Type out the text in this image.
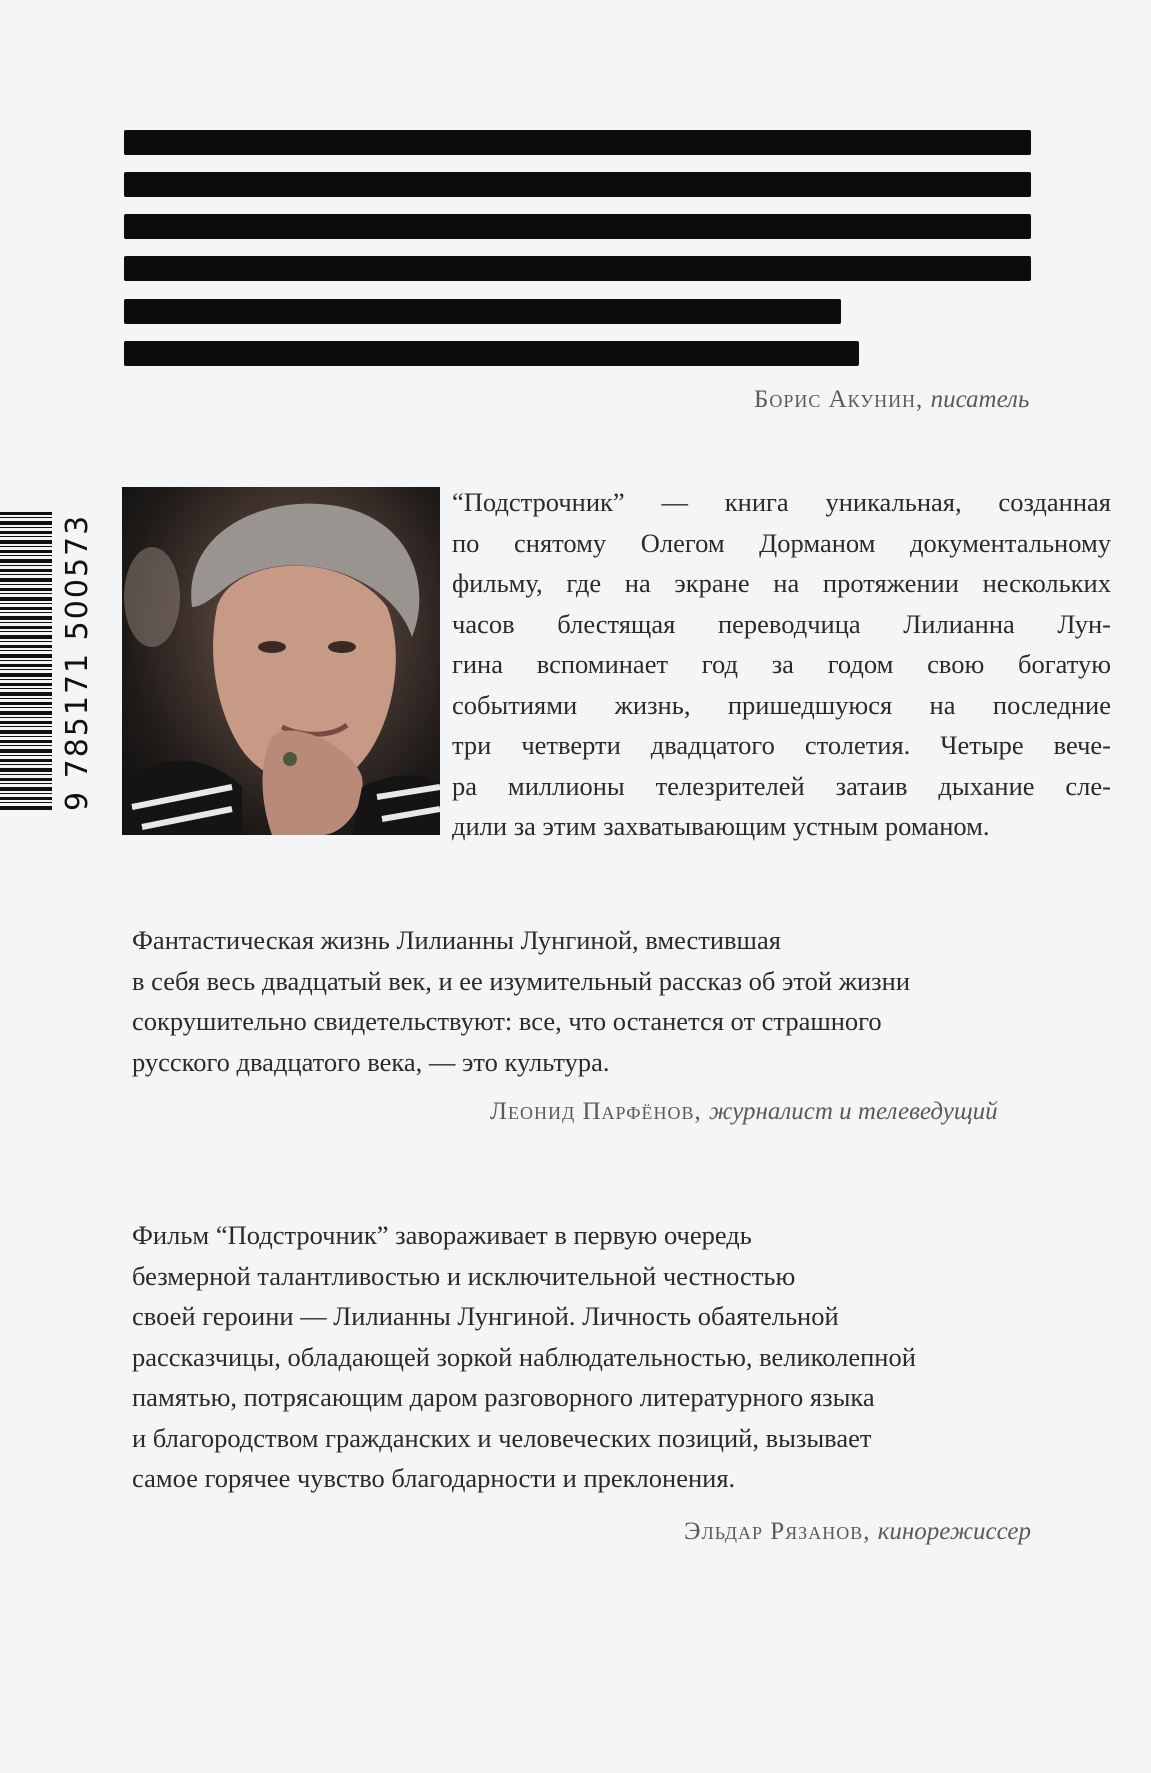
Борис Акунин, писатель
9 785171 500573
“Подстрочник” — книга уникальная, созданная
по снятому Олегом Дорманом документальному
фильму, где на экране на протяжении нескольких
часов блестящая переводчица Лилианна Лун-
гина вспоминает год за годом свою богатую
событиями жизнь, пришедшуюся на последние
три четверти двадцатого столетия. Четыре вече-
ра миллионы телезрителей затаив дыхание сле-
дили за этим захватывающим устным романом.
Фантастическая жизнь Лилианны Лунгиной, вместившая
в себя весь двадцатый век, и ее изумительный рассказ об этой жизни
сокрушительно свидетельствуют: все, что останется от страшного
русского двадцатого века, — это культура.
Леонид Парфёнов, журналист и телеведущий
Фильм “Подстрочник” завораживает в первую очередь
безмерной талантливостью и исключительной честностью
своей героини — Лилианны Лунгиной. Личность обаятельной
рассказчицы, обладающей зоркой наблюдательностью, великолепной
памятью, потрясающим даром разговорного литературного языка
и благородством гражданских и человеческих позиций, вызывает
самое горячее чувство благодарности и преклонения.
Эльдар Рязанов, кинорежиссер
